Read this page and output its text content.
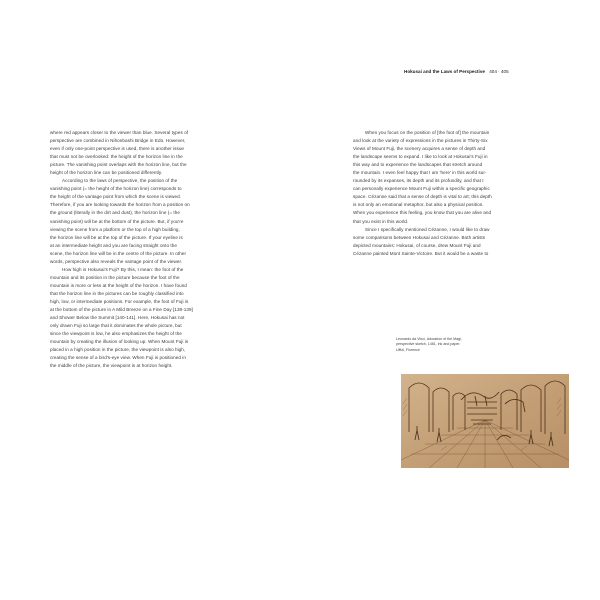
Hokusai and the Laws of Perspective 404 · 405

where red appears closer to the viewer than blue. Several types of

perspective are combined in Nihonbashi Bridge in Edo. However,

even if only one-point perspective is used, there is another issue

that must not be overlooked: the height of the horizon line in the

picture. The vanishing point overlaps with the horizon line, but the

height of the horizon line can be positioned differently.

According to the laws of perspective, the position of the

vanishing point (= the height of the horizon line) corresponds to

the height of the vantage point from which the scene is viewed.

Therefore, if you are looking towards the horizon from a position on

the ground (literally in the dirt and dust), the horizon line (= the

vanishing point) will be at the bottom of the picture. But, if you're

viewing the scene from a platform or the top of a high building,

the horizon line will be at the top of the picture. If your eyeline is

at an intermediate height and you are facing straight onto the

scene, the horizon line will be in the centre of the picture. In other

words, perspective also reveals the vantage point of the viewer.

How high is Hokusai's Fuji? By this, I mean: the foot of the

mountain and its position in the picture because the foot of the

mountain is more or less at the height of the horizon. I have found

that the horizon line in the pictures can be roughly classified into

high, low, or intermediate positions. For example, the foot of Fuji is

at the bottom of the picture in A Mild Breeze on a Fine Day [138-139]

and Shower Below the Summit [140-141]. Here, Hokusai has not

only drawn Fuji so large that it dominates the whole picture, but

since the viewpoint is low, he also emphasizes the height of the

mountain by creating the illusion of looking up. When Mount Fuji is

placed in a high position in the picture, the viewpoint is also high,

creating the sense of a bird's-eye view. When Fuji is positioned in

the middle of the picture, the viewpoint is at horizon height.

When you focus on the position of [the foot of] the mountain

and look at the variety of expressions in the pictures in Thirty-Six

Views of Mount Fuji, the scenery acquires a sense of depth and

the landscape seems to expand. I like to look at Hokusai's Fuji in

this way and to experience the landscapes that stretch around

the mountain. I even feel happy that I am 'here' in this world sur-

rounded by its expanses, its depth and its profundity, and that I

can personally experience Mount Fuji within a specific geographic

space. Cézanne said that a sense of depth is vital to art; this depth

is not only an emotional metaphor, but also a physical position.

When you experience this feeling, you know that you are alive and

that you exist in this world.

Since I specifically mentioned Cézanne, I would like to draw

some comparisons between Hokusai and Cézanne. Both artists

depicted mountains: Hokusai, of course, drew Mount Fuji and

Cézanne painted Mont Sainte-Victoire. But it would be a waste to

Leonardo da Vinci, Adoration of the Magi,

perspective sketch, 1481, ink and paper.

Uffizi, Florence
